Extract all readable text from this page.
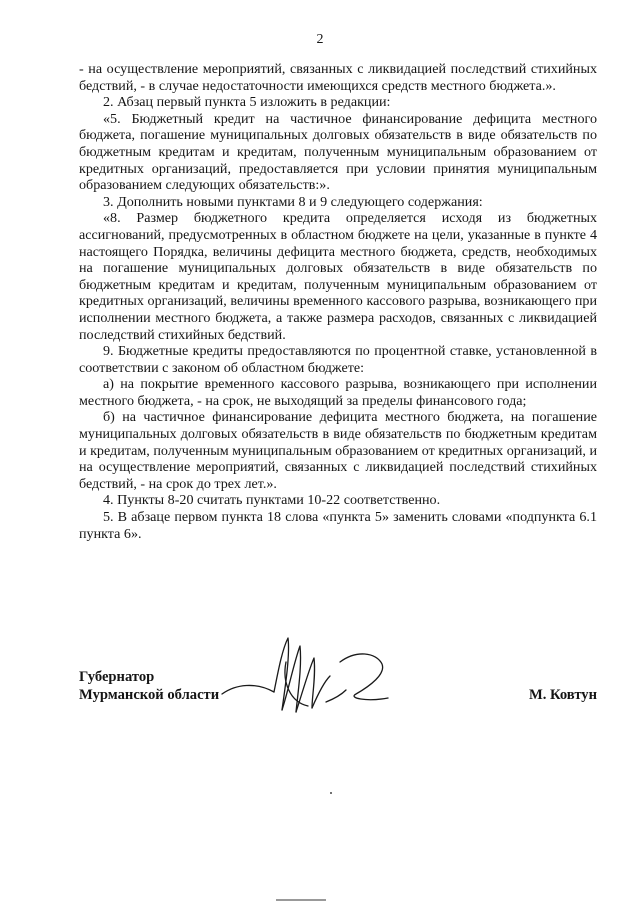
2

- на осуществление мероприятий, связанных с ликвидацией последствий стихийных бедствий, - в случае недостаточности имеющихся средств местного бюджета.».

2. Абзац первый пункта 5 изложить в редакции:

«5. Бюджетный кредит на частичное финансирование дефицита местного бюджета, погашение муниципальных долговых обязательств в виде обязательств по бюджетным кредитам и кредитам, полученным муниципальным образованием от кредитных организаций, предоставляется при условии принятия муниципальным образованием следующих обязательств:».

3. Дополнить новыми пунктами 8 и 9 следующего содержания:

«8. Размер бюджетного кредита определяется исходя из бюджетных ассигнований, предусмотренных в областном бюджете на цели, указанные в пункте 4 настоящего Порядка, величины дефицита местного бюджета, средств, необходимых на погашение муниципальных долговых обязательств в виде обязательств по бюджетным кредитам и кредитам, полученным муниципальным образованием от кредитных организаций, величины временного кассового разрыва, возникающего при исполнении местного бюджета, а также размера расходов, связанных с ликвидацией последствий стихийных бедствий.

9. Бюджетные кредиты предоставляются по процентной ставке, установленной в соответствии с законом об областном бюджете:

а) на покрытие временного кассового разрыва, возникающего при исполнении местного бюджета, - на срок, не выходящий за пределы финансового года;

б) на частичное финансирование дефицита местного бюджета, на погашение муниципальных долговых обязательств в виде обязательств по бюджетным кредитам и кредитам, полученным муниципальным образованием от кредитных организаций, и на осуществление мероприятий, связанных с ликвидацией последствий стихийных бедствий, - на срок до трех лет.».

4. Пункты 8-20 считать пунктами 10-22 соответственно.

5. В абзаце первом пункта 18 слова «пункта 5» заменить словами «подпункта 6.1 пункта 6».

Губернатор
Мурманской области	М. Ковтун
